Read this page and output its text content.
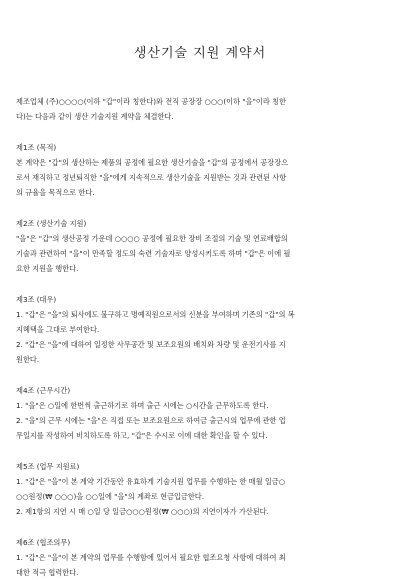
생산기술 지원 계약서

제조업체 (주)○○○○(이하 "갑"이라 칭한다)와 전직 공장장 ○○○(이하 "을"이라 칭한
다)는 다음과 같이 생산 기술지원 계약을 체결한다.

제1조 (목적)

본 계약은 "갑"의 생산하는 제품의 공정에 필요한 생산기술을 "갑"의 공정에서 공장장으
로서 재직하고 정년퇴직한 "을"에게 지속적으로 생산기술을 지원받는 것과 관련된 사항
의 규율을 목적으로 한다.

제2조 (생산기술 지원)

"을"은 "갑"의 생산공정 가운데 ○○○○ 공정에 필요한 장비 조절의 기술 및 연료배합의
기술과 관련하여 "을"이 만족할 정도의 숙련 기술자로 양성시키도록 하며 "갑"은 이에 필
요한 지원을 행한다.

제3조 (대우)

1. "갑"은 "을"의 퇴사에도 불구하고 명예직원으로서의 신분을 부여하며 기존의 "갑"의 복
지혜택을 그대로 부여한다.
2. "갑"은 "을"에 대하여 일정한 사무공간 및 보조요원의 배치와 차량 및 운전기사를 지
원한다.

제4조 (근무시간)

1. "을"은 ○일에 한번씩 출근하기로 하며 출근 시에는 ○시간을 근무하도록 한다.
2. "을"의 근무 시에는 "을"은 직접 또는 보조요원으로 하여금 출근시의 업무에 관한 업
무일지를 작성하여 비치하도록 하고, "갑"은 수시로 이에 대한 확인을 할 수 있다.

제5조 (업무 지원료)

1. "갑"은 "을"이 본 계약 기간동안 유효하게 기술지원 업무를 수행하는 한 매월 일금○
○○원정(₩ ○○○)을 ○○일에 "을"의 계좌로 현금입금한다.
2. 제1항의 지연 시 매 ○일 당 일금○○○원정(₩ ○○○)의 지연이자가 가산된다.

제6조 (협조의무)

1. "갑"은 "을"이 본 계약의 업무를 수행함에 있어서 필요한 협조요청 사항에 대하여 최
대한 적극 협력한다.
